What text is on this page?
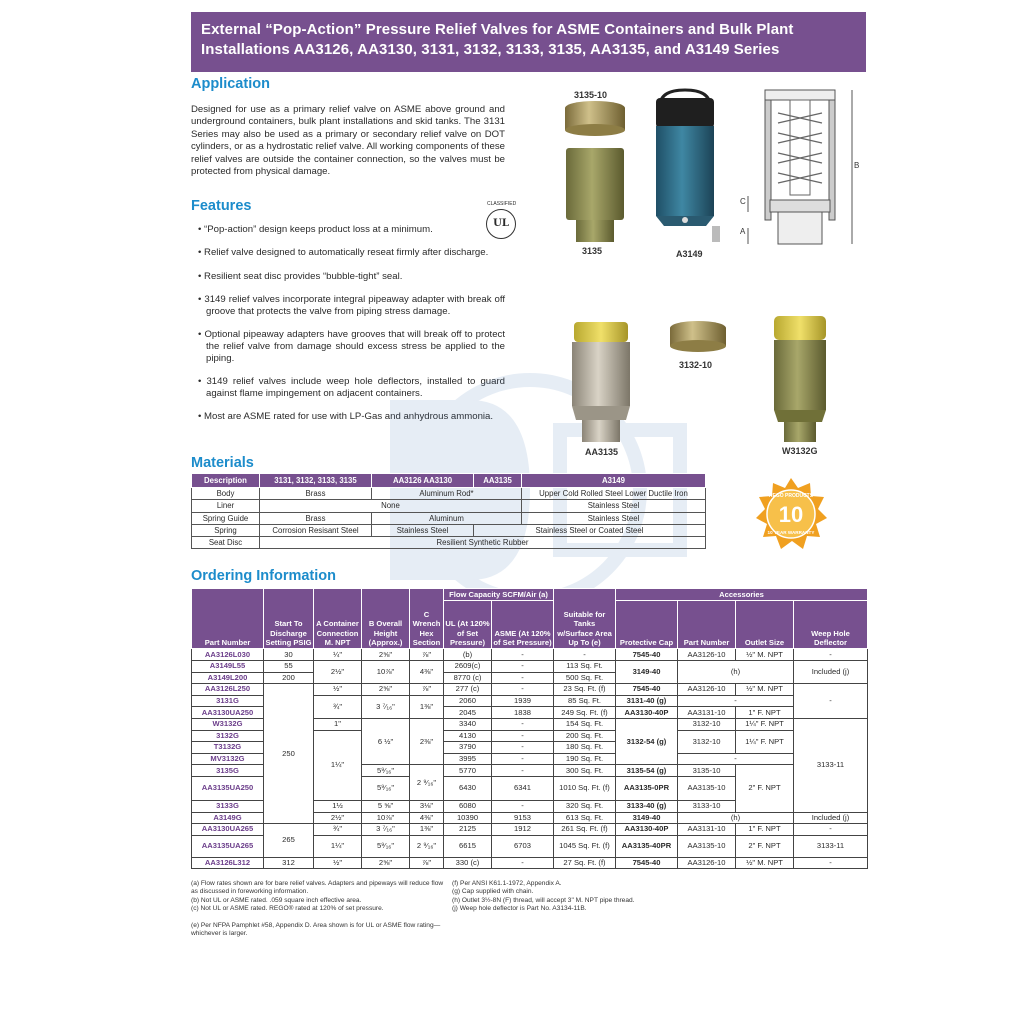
External “Pop-Action” Pressure Relief Valves for ASME Containers and Bulk Plant
Installations AA3126, AA3130, 3131, 3132, 3133, 3135, AA3135, and A3149 Series
Application
Designed for use as a primary relief valve on ASME above ground and underground containers, bulk plant installations and skid tanks. The 3131 Series may also be used as a primary or secondary relief valve on DOT cylinders, or as a hydrostatic relief valve. All working components of these relief valves are outside the container connection, so the valves must be protected from physical damage.
Features	CLASSIFIED
UL
• “Pop-action” design keeps product loss at a minimum.
• Relief valve designed to automatically reseat firmly after discharge.
• Resilient seat disc provides “bubble-tight” seal.
• 3149 relief valves incorporate integral pipeaway adapter with break off groove that protects the valve from piping stress damage.
• Optional pipeaway adapters have grooves that will break off to protect the relief valve from damage should excess stress be applied to the piping.
• 3149 relief valves include weep hole deflectors, installed to guard against flame impingement on adjacent containers.
• Most are ASME rated for use with LP-Gas and anhydrous ammonia.
3135-10
3135	A3149
B
C
A
AA3135
3132-10
W3132G
Materials
Description	3131, 3132, 3133, 3135	AA3126 AA3130	AA3135	A3149
Body	Brass	Aluminum Rod*		Upper Cold Rolled Steel Lower Ductile Iron
Liner	None			Stainless Steel
Spring Guide	Brass	Aluminum		Stainless Steel
Spring	Corrosion Resisant Steel	Stainless Steel	Stainless Steel or Coated Steel	
Seat Disc	Resilient Synthetic Rubber			
REGO PRODUCTS
10
10 YEAR WARRANTY
Ordering Information
Part Number	Start To Discharge Setting PSIG	A Container Connection M. NPT	B Overall Height (Approx.)	C Wrench Hex Section	Flow Capacity SCFM/Air (a)		Suitable for Tanks w/Surface Area Up To (e)	Accessories			
					UL (At 120% of Set Pressure)	ASME (At 120% of Set Pressure)		Protective Cap	Part Number	Outlet Size	Weep Hole Deflector
AA3126L030	30	¼"	2⅝"	⅞"	(b)	-	-	7545-40	AA3126-10	½" M. NPT	-
A3149L55	55	2½"	10⅞"	4⅜"	2609(c)	-	113 Sq. Ft.	3149-40	(h)		Included (j)
A3149L200	200				8770 (c)	-	500 Sq. Ft.				
AA3126L250	250	½"	2⅝"	⅞"	277 (c)	-	23 Sq. Ft. (f)	7545-40	AA3126-10	½" M. NPT	-
3131G		¾"	3 ⁷⁄₁₆"	1⅜"	2060	1939	85 Sq. Ft.	3131-40 (g)	-		
AA3130UA250					2045	1838	249 Sq. Ft. (f)	AA3130-40P	AA3131-10	1" F. NPT	
W3132G		1"	6 ½"	2⅜"	3340	-	154 Sq. Ft.	3132-54 (g)	3132-10	1¼" F. NPT	3133-11
3132G		1¼"			4130	-	200 Sq. Ft.		3132-10	1¼" F. NPT	
T3132G					3790	-	180 Sq. Ft.				
MV3132G					3995	-	190 Sq. Ft.		-		
3135G			5⁹⁄₁₆"	2 ⁹⁄₁₆"	5770	-	300 Sq. Ft.	3135-54 (g)	3135-10	2" F. NPT	
AA3135UA250			5⁹⁄₁₆"		6430	6341	1010 Sq. Ft. (f)	AA3135-0PR	AA3135-10		
3133G		1½	5 ⅝"	3⅛"	6080	-	320 Sq. Ft.	3133-40 (g)	3133-10		
A3149G		2½"	10⅞"	4⅜"	10390	9153	613 Sq. Ft.	3149-40	(h)		Included (j)
AA3130UA265	265	¾"	3 ⁷⁄₁₆"	1⅜"	2125	1912	261 Sq. Ft. (f)	AA3130-40P	AA3131-10	1" F. NPT	-
AA3135UA265		1¼"	5⁹⁄₁₆"	2 ⁹⁄₁₆"	6615	6703	1045 Sq. Ft. (f)	AA3135-40PR	AA3135-10	2" F. NPT	3133-11
AA3126L312	312	½"	2⅝"	⅞"	330 (c)	-	27 Sq. Ft. (f)	7545-40	AA3126-10	½" M. NPT	-
(a) Flow rates shown are for bare relief valves. Adapters and pipeways will reduce flow as discussed in foreworking information.
(b) Not UL or ASME rated. .059 square inch effective area.
(c) Not UL or ASME rated. REGO® rated at 120% of set pressure.
(e) Per NFPA Pamphlet #58, Appendix D. Area shown is for UL or ASME flow rating—whichever is larger.
(f) Per ANSI K61.1-1972, Appendix A.
(g) Cap supplied with chain.
(h) Outlet 3½-8N (F) thread, will accept 3" M. NPT pipe thread.
(j) Weep hole deflector is Part No. A3134-11B.
